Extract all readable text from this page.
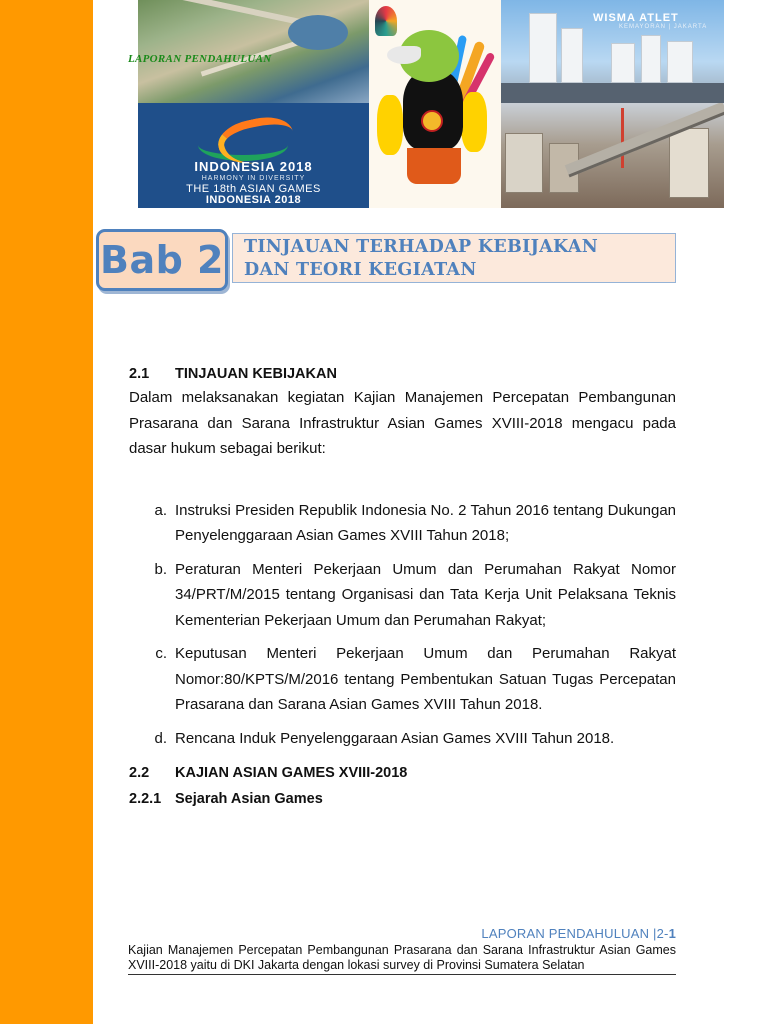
INDONESIA 2018
HARMONY IN DIVERSITY
THE 18th ASIAN GAMES
INDONESIA 2018
WISMA ATLET
KEMAYORAN | JAKARTA
LAPORAN PENDAHULUAN
Bab 2 TINJAUAN TERHADAP KEBIJAKAN
DAN TEORI KEGIATAN
2.1	TINJAUAN KEBIJAKAN

Dalam melaksanakan kegiatan Kajian Manajemen Percepatan Pembangunan Prasarana dan Sarana Infrastruktur Asian Games XVIII-2018 mengacu pada dasar hukum sebagai berikut:

a. Instruksi Presiden Republik Indonesia No. 2 Tahun 2016 tentang Dukungan Penyelenggaraan Asian Games XVIII Tahun 2018;
b. Peraturan Menteri Pekerjaan Umum dan Perumahan Rakyat Nomor 34/PRT/M/2015 tentang Organisasi dan Tata Kerja Unit Pelaksana Teknis Kementerian Pekerjaan Umum dan Perumahan Rakyat;
c. Keputusan Menteri Pekerjaan Umum dan Perumahan Rakyat Nomor:80/KPTS/M/2016 tentang Pembentukan Satuan Tugas Percepatan Prasarana dan Sarana Asian Games XVIII Tahun 2018.
d. Rencana Induk Penyelenggaraan Asian Games XVIII Tahun 2018.
2.2	KAJIAN ASIAN GAMES XVIII-2018
2.2.1 Sejarah Asian Games
LAPORAN PENDAHULUAN |2-1
Kajian Manajemen Percepatan Pembangunan Prasarana dan Sarana Infrastruktur Asian Games XVIII-2018 yaitu di DKI Jakarta dengan lokasi survey di Provinsi Sumatera Selatan
